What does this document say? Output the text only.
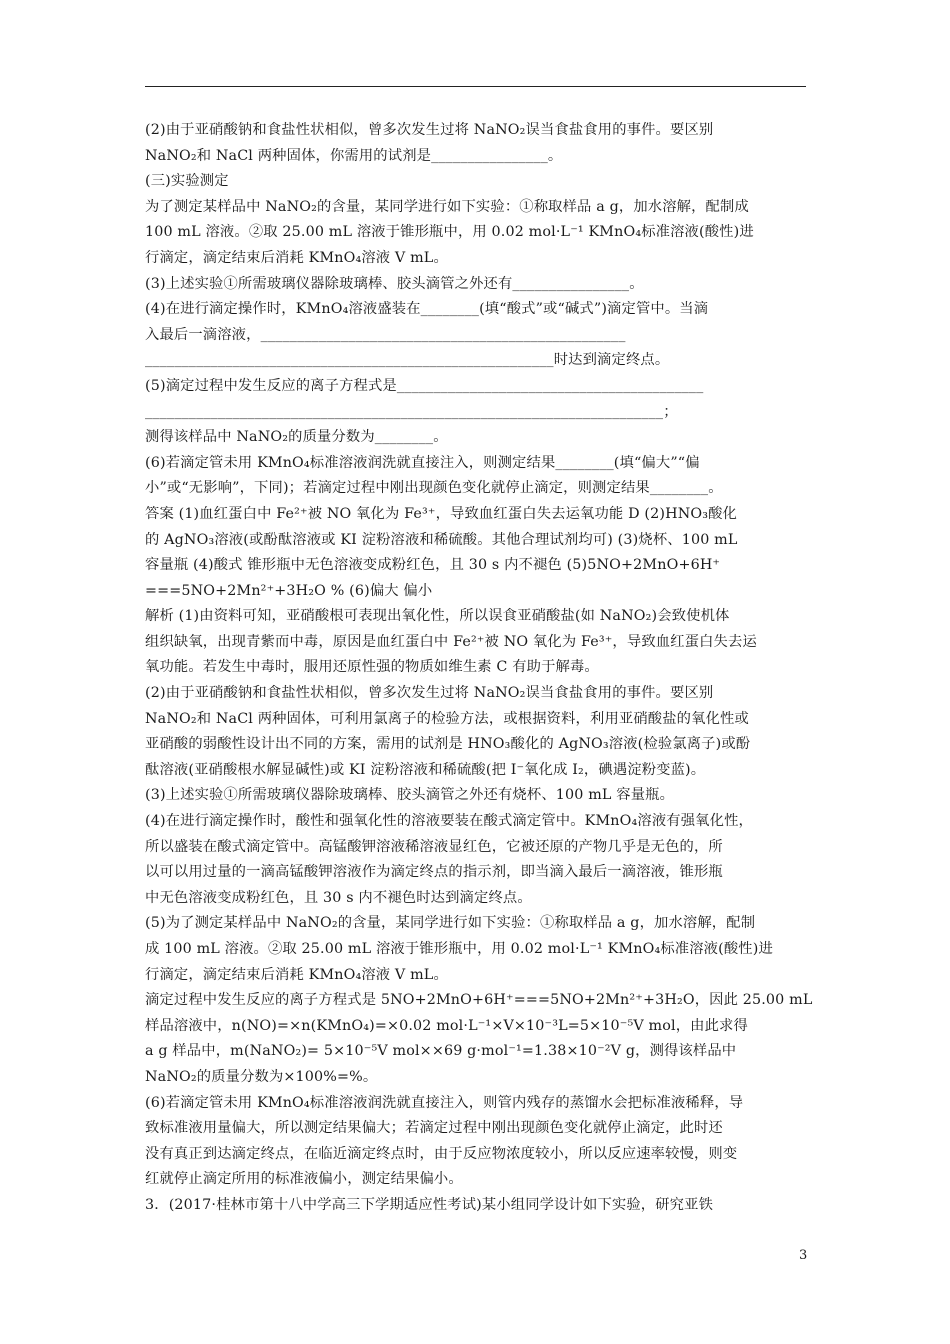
(2)由于亚硝酸钠和食盐性状相似，曾多次发生过将 NaNO₂误当食盐食用的事件。要区别
NaNO₂和 NaCl 两种固体，你需用的试剂是________________。
(三)实验测定
为了测定某样品中 NaNO₂的含量，某同学进行如下实验：①称取样品 a g，加水溶解，配制成
100 mL 溶液。②取 25.00 mL 溶液于锥形瓶中，用 0.02 mol·L⁻¹ KMnO₄标准溶液(酸性)进
行滴定，滴定结束后消耗 KMnO₄溶液 V mL。
(3)上述实验①所需玻璃仪器除玻璃棒、胶头滴管之外还有________________。
(4)在进行滴定操作时，KMnO₄溶液盛装在________(填“酸式”或“碱式”)滴定管中。当滴
入最后一滴溶液，__________________________________________________
________________________________________________________时达到滴定终点。
(5)滴定过程中发生反应的离子方程式是__________________________________________
_______________________________________________________________________；
测得该样品中 NaNO₂的质量分数为________。
(6)若滴定管未用 KMnO₄标准溶液润洗就直接注入，则测定结果________(填“偏大”“偏
小”或“无影响”，下同)；若滴定过程中刚出现颜色变化就停止滴定，则测定结果________。
答案 (1)血红蛋白中 Fe²⁺被 NO 氧化为 Fe³⁺，导致血红蛋白失去运氧功能 D (2)HNO₃酸化
的 AgNO₃溶液(或酚酞溶液或 KI 淀粉溶液和稀硫酸。其他合理试剂均可) (3)烧杯、100 mL
容量瓶 (4)酸式 锥形瓶中无色溶液变成粉红色，且 30 s 内不褪色 (5)5NO+2MnO+6H⁺
===5NO+2Mn²⁺+3H₂O % (6)偏大 偏小
解析 (1)由资料可知，亚硝酸根可表现出氧化性，所以误食亚硝酸盐(如 NaNO₂)会致使机体
组织缺氧，出现青紫而中毒，原因是血红蛋白中 Fe²⁺被 NO 氧化为 Fe³⁺，导致血红蛋白失去运
氧功能。若发生中毒时，服用还原性强的物质如维生素 C 有助于解毒。
(2)由于亚硝酸钠和食盐性状相似，曾多次发生过将 NaNO₂误当食盐食用的事件。要区别
NaNO₂和 NaCl 两种固体，可利用氯离子的检验方法，或根据资料，利用亚硝酸盐的氧化性或
亚硝酸的弱酸性设计出不同的方案，需用的试剂是 HNO₃酸化的 AgNO₃溶液(检验氯离子)或酚
酞溶液(亚硝酸根水解显碱性)或 KI 淀粉溶液和稀硫酸(把 I⁻氧化成 I₂，碘遇淀粉变蓝)。
(3)上述实验①所需玻璃仪器除玻璃棒、胶头滴管之外还有烧杯、100 mL 容量瓶。
(4)在进行滴定操作时，酸性和强氧化性的溶液要装在酸式滴定管中。KMnO₄溶液有强氧化性，
所以盛装在酸式滴定管中。高锰酸钾溶液稀溶液显红色，它被还原的产物几乎是无色的，所
以可以用过量的一滴高锰酸钾溶液作为滴定终点的指示剂，即当滴入最后一滴溶液，锥形瓶
中无色溶液变成粉红色，且 30 s 内不褪色时达到滴定终点。
(5)为了测定某样品中 NaNO₂的含量，某同学进行如下实验：①称取样品 a g，加水溶解，配制
成 100 mL 溶液。②取 25.00 mL 溶液于锥形瓶中，用 0.02 mol·L⁻¹ KMnO₄标准溶液(酸性)进
行滴定，滴定结束后消耗 KMnO₄溶液 V mL。
滴定过程中发生反应的离子方程式是 5NO+2MnO+6H⁺===5NO+2Mn²⁺+3H₂O，因此 25.00 mL
样品溶液中，n(NO)=×n(KMnO₄)=×0.02 mol·L⁻¹×V×10⁻³L=5×10⁻⁵V mol，由此求得
a g 样品中，m(NaNO₂)= 5×10⁻⁵V mol××69 g·mol⁻¹=1.38×10⁻²V g，测得该样品中
NaNO₂的质量分数为×100%=%。
(6)若滴定管未用 KMnO₄标准溶液润洗就直接注入，则管内残存的蒸馏水会把标准液稀释，导
致标准液用量偏大，所以测定结果偏大；若滴定过程中刚出现颜色变化就停止滴定，此时还
没有真正到达滴定终点，在临近滴定终点时，由于反应物浓度较小，所以反应速率较慢，则变
红就停止滴定所用的标准液偏小，测定结果偏小。
3．(2017·桂林市第十八中学高三下学期适应性考试)某小组同学设计如下实验，研究亚铁
3
